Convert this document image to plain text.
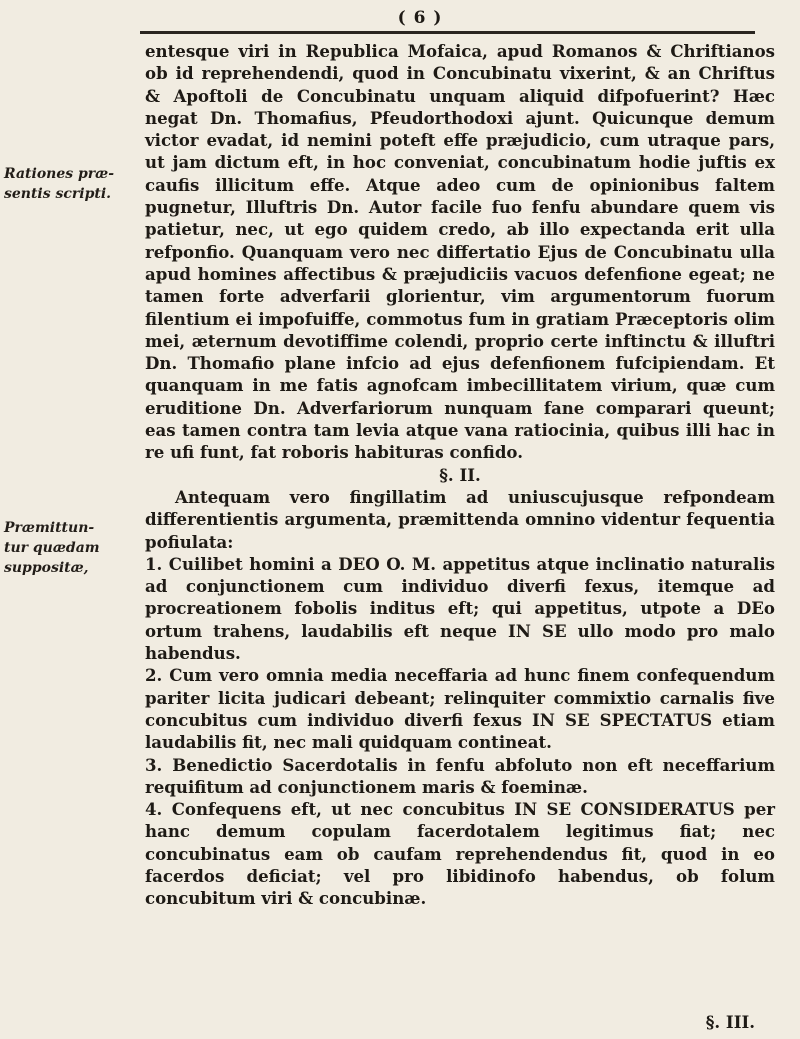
( 6 )
Rationes præ-
sentis scripti.
Præmittun-
tur quædam
suppositæ,

entesque viri in Republica Mofaica, apud Romanos & Chriftianos ob id reprehendendi, quod in Concubinatu vixerint, & an Chriftus & Apoftoli de Concubinatu unquam aliquid difpofuerint? Hæc negat Dn. Thomafius, Pfeudorthodoxi ajunt. Quicunque demum victor evadat, id nemini poteft effe præjudicio, cum utraque pars, ut jam dictum eft, in hoc conveniat, concubinatum hodie juftis ex caufis illicitum effe. Atque adeo cum de opinionibus faltem pugnetur, Illuftris Dn. Autor facile fuo fenfu abundare quem vis patietur, nec, ut ego quidem credo, ab illo expectanda erit ulla refponfio. Quanquam vero nec differtatio Ejus de Concubinatu ulla apud homines affectibus & præjudiciis vacuos defenfione egeat; ne tamen forte adverfarii glorientur, vim argumentorum fuorum filentium ei impofuiffe, commotus fum in gratiam Præceptoris olim mei, æternum devotiffime colendi, proprio certe inftinctu & illuftri Dn. Thomafio plane infcio ad ejus defenfionem fufcipiendam. Et quanquam in me fatis agnofcam imbecillitatem virium, quæ cum eruditione Dn. Adverfariorum nunquam fane comparari queunt; eas tamen contra tam levia atque vana ratiocinia, quibus illi hac in re ufi funt, fat roboris habituras confido.

§. II.

Antequam vero fingillatim ad uniuscujusque refpondeam differentientis argumenta, præmittenda omnino videntur fequentia pofiulata:

1. Cuilibet homini a DEO O. M. appetitus atque inclinatio naturalis ad conjunctionem cum individuo diverfi fexus, itemque ad procreationem fobolis inditus eft; qui appetitus, utpote a DEo ortum trahens, laudabilis eft neque IN SE ullo modo pro malo habendus.

2. Cum vero omnia media neceffaria ad hunc finem confequendum pariter licita judicari debeant; relinquiter commixtio carnalis five concubitus cum individuo diverfi fexus IN SE SPECTATUS etiam laudabilis fit, nec mali quidquam contineat.

3. Benedictio Sacerdotalis in fenfu abfoluto non eft neceffarium requifitum ad conjunctionem maris & foeminæ.

4. Confequens eft, ut nec concubitus IN SE CONSIDERATUS per hanc demum copulam facerdotalem legitimus fiat; nec concubinatus eam ob caufam reprehendendus fit, quod in eo facerdos deficiat; vel pro libidinofo habendus, ob folum concubitum viri & concubinæ.

§. III.
